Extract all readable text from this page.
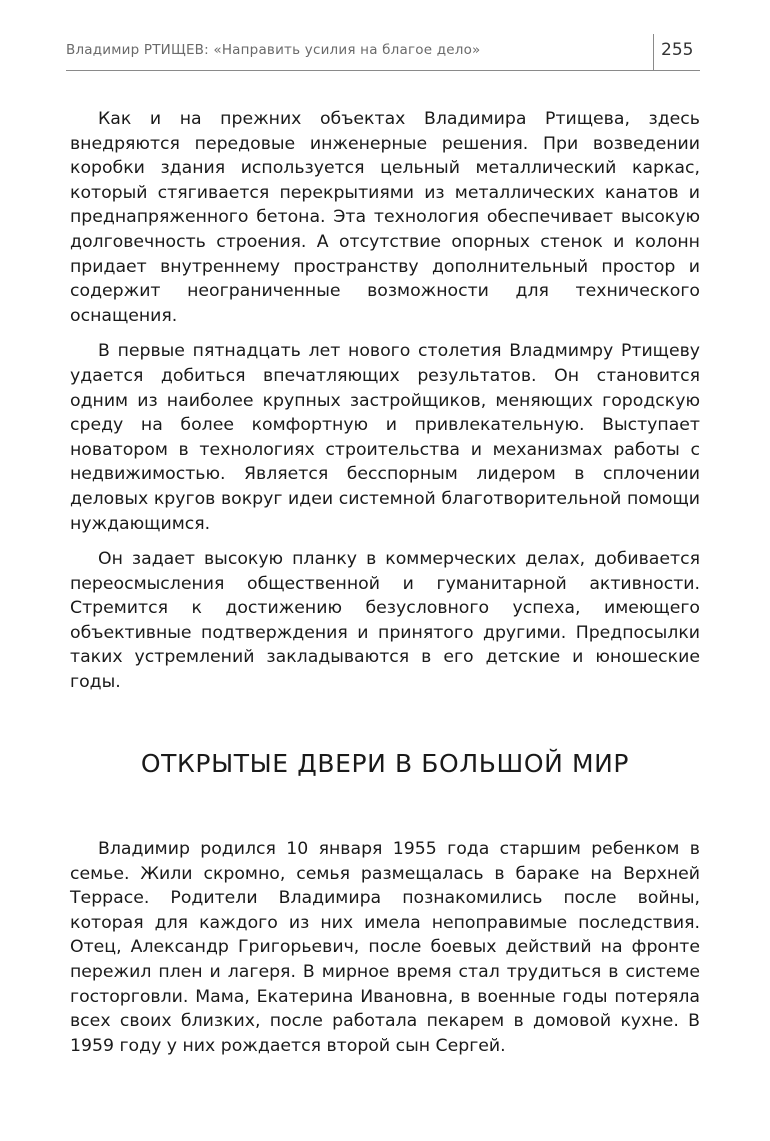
Владимир РТИЩЕВ: «Направить усилия на благое дело»	255

Как и на прежних объектах Владимира Ртищева, здесь внедряются передовые инженерные решения. При возведении коробки здания используется цельный металлический каркас, который стягивается перекрытиями из металлических канатов и преднапряженного бетона. Эта технология обеспечивает высокую долговечность строения. А отсутствие опорных стенок и колонн придает внутреннему пространству дополнительный простор и содержит неограниченные возможности для технического оснащения.

В первые пятнадцать лет нового столетия Владмимру Ртищеву удается добиться впечатляющих результатов. Он становится одним из наиболее крупных застройщиков, меняющих городскую среду на более комфортную и привлекательную. Выступает новатором в технологиях строительства и механизмах работы с недвижимостью. Является бесспорным лидером в сплочении деловых кругов вокруг идеи системной благотворительной помощи нуждающимся.

Он задает высокую планку в коммерческих делах, добивается переосмысления общественной и гуманитарной активности. Стремится к достижению безусловного успеха, имеющего объективные подтверждения и принятого другими. Предпосылки таких устремлений закладываются в его детские и юношеские годы.

ОТКРЫТЫЕ ДВЕРИ В БОЛЬШОЙ МИР

Владимир родился 10 января 1955 года старшим ребенком в семье. Жили скромно, семья размещалась в бараке на Верхней Террасе. Родители Владимира познакомились после войны, которая для каждого из них имела непоправимые последствия. Отец, Александр Григорьевич, после боевых действий на фронте пережил плен и лагеря. В мирное время стал трудиться в системе госторговли. Мама, Екатерина Ивановна, в военные годы потеряла всех своих близких, после работала пекарем в домовой кухне. В 1959 году у них рождается второй сын Сергей.
